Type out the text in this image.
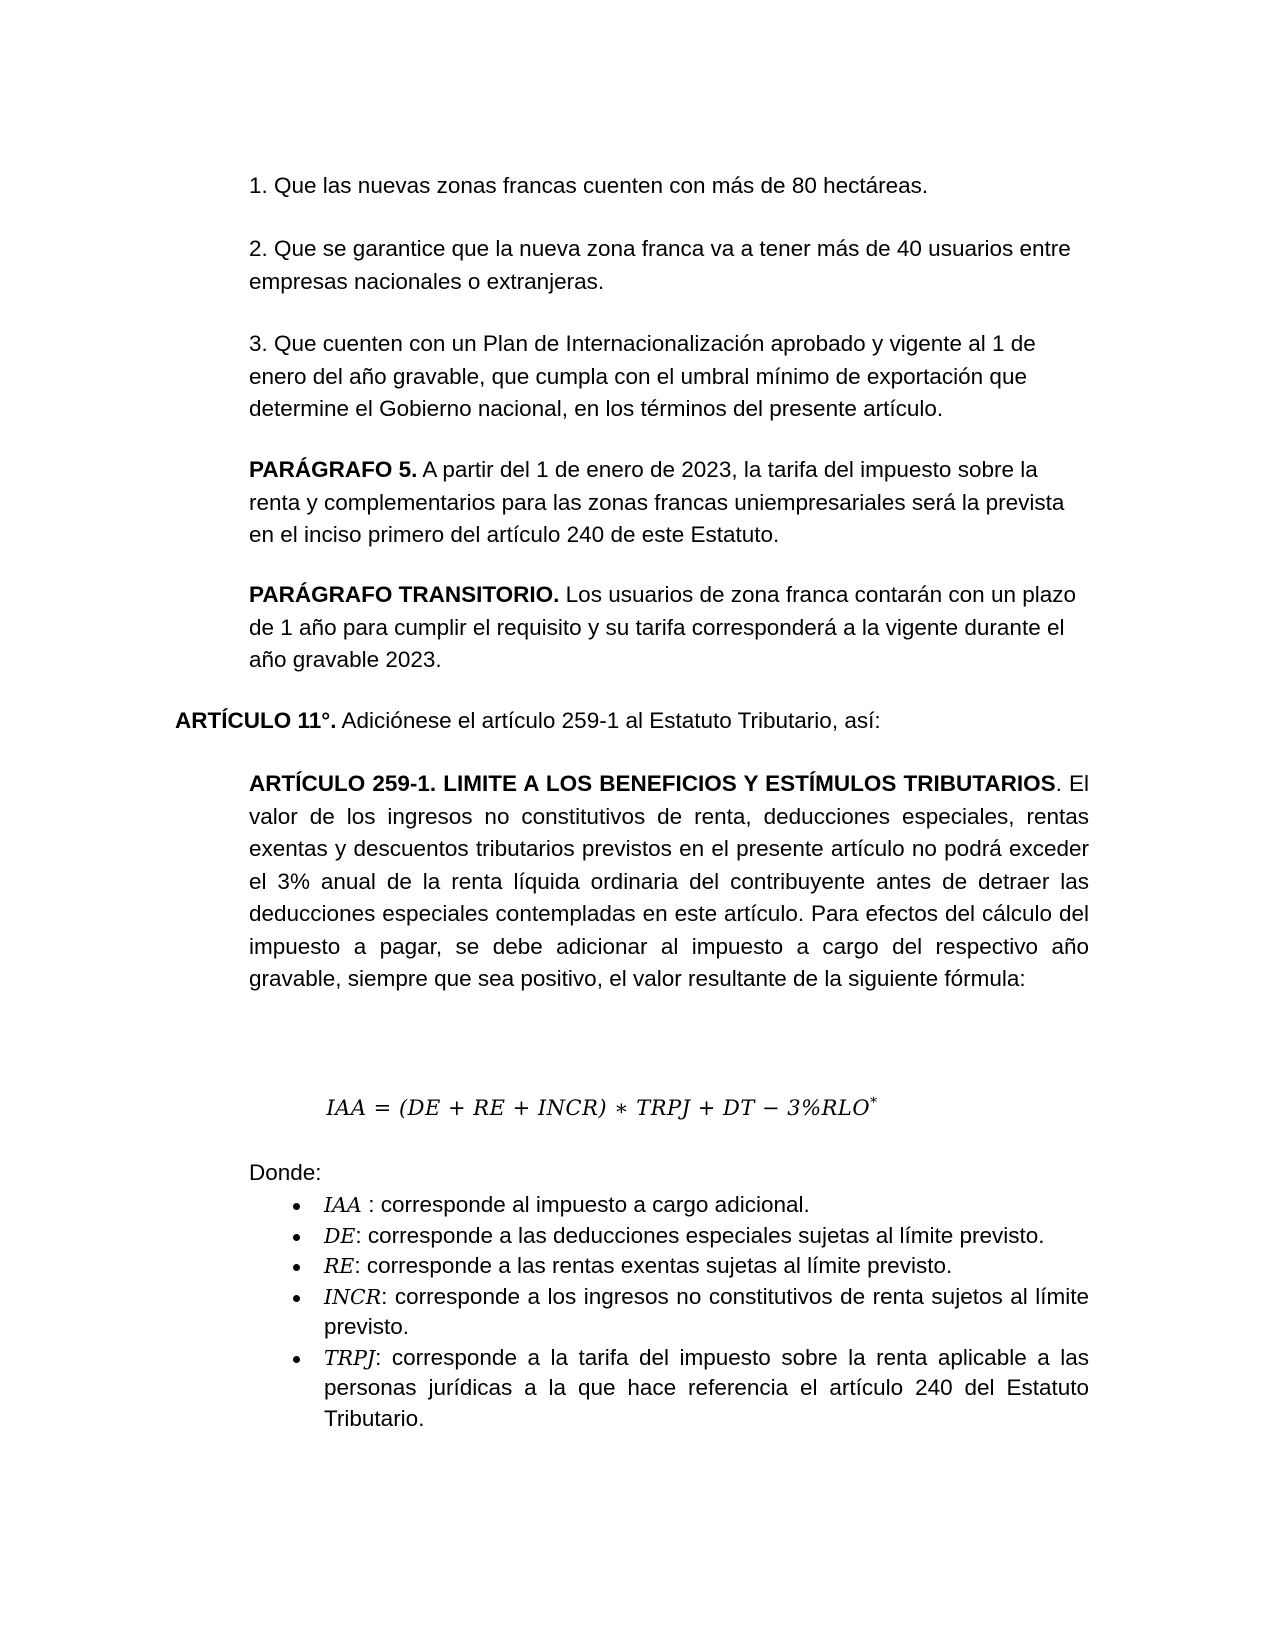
1. Que las nuevas zonas francas cuenten con más de 80 hectáreas.

2. Que se garantice que la nueva zona franca va a tener más de 40 usuarios entre empresas nacionales o extranjeras.

3. Que cuenten con un Plan de Internacionalización aprobado y vigente al 1 de enero del año gravable, que cumpla con el umbral mínimo de exportación que determine el Gobierno nacional, en los términos del presente artículo.

PARÁGRAFO 5. A partir del 1 de enero de 2023, la tarifa del impuesto sobre la renta y complementarios para las zonas francas uniempresariales será la prevista en el inciso primero del artículo 240 de este Estatuto.

PARÁGRAFO TRANSITORIO. Los usuarios de zona franca contarán con un plazo de 1 año para cumplir el requisito y su tarifa corresponderá a la vigente durante el año gravable 2023.

ARTÍCULO 11°. Adiciónese el artículo 259-1 al Estatuto Tributario, así:

ARTÍCULO 259-1. LIMITE A LOS BENEFICIOS Y ESTÍMULOS TRIBUTARIOS. El valor de los ingresos no constitutivos de renta, deducciones especiales, rentas exentas y descuentos tributarios previstos en el presente artículo no podrá exceder el 3% anual de la renta líquida ordinaria del contribuyente antes de detraer las deducciones especiales contempladas en este artículo. Para efectos del cálculo del impuesto a pagar, se debe adicionar al impuesto a cargo del respectivo año gravable, siempre que sea positivo, el valor resultante de la siguiente fórmula:

IAA = (DE + RE + INCR) ∗ TRPJ + DT − 3%RLO*

Donde:

IAA : corresponde al impuesto a cargo adicional.
DE: corresponde a las deducciones especiales sujetas al límite previsto.
RE: corresponde a las rentas exentas sujetas al límite previsto.
INCR: corresponde a los ingresos no constitutivos de renta sujetos al límite previsto.
TRPJ: corresponde a la tarifa del impuesto sobre la renta aplicable a las personas jurídicas a la que hace referencia el artículo 240 del Estatuto Tributario.
